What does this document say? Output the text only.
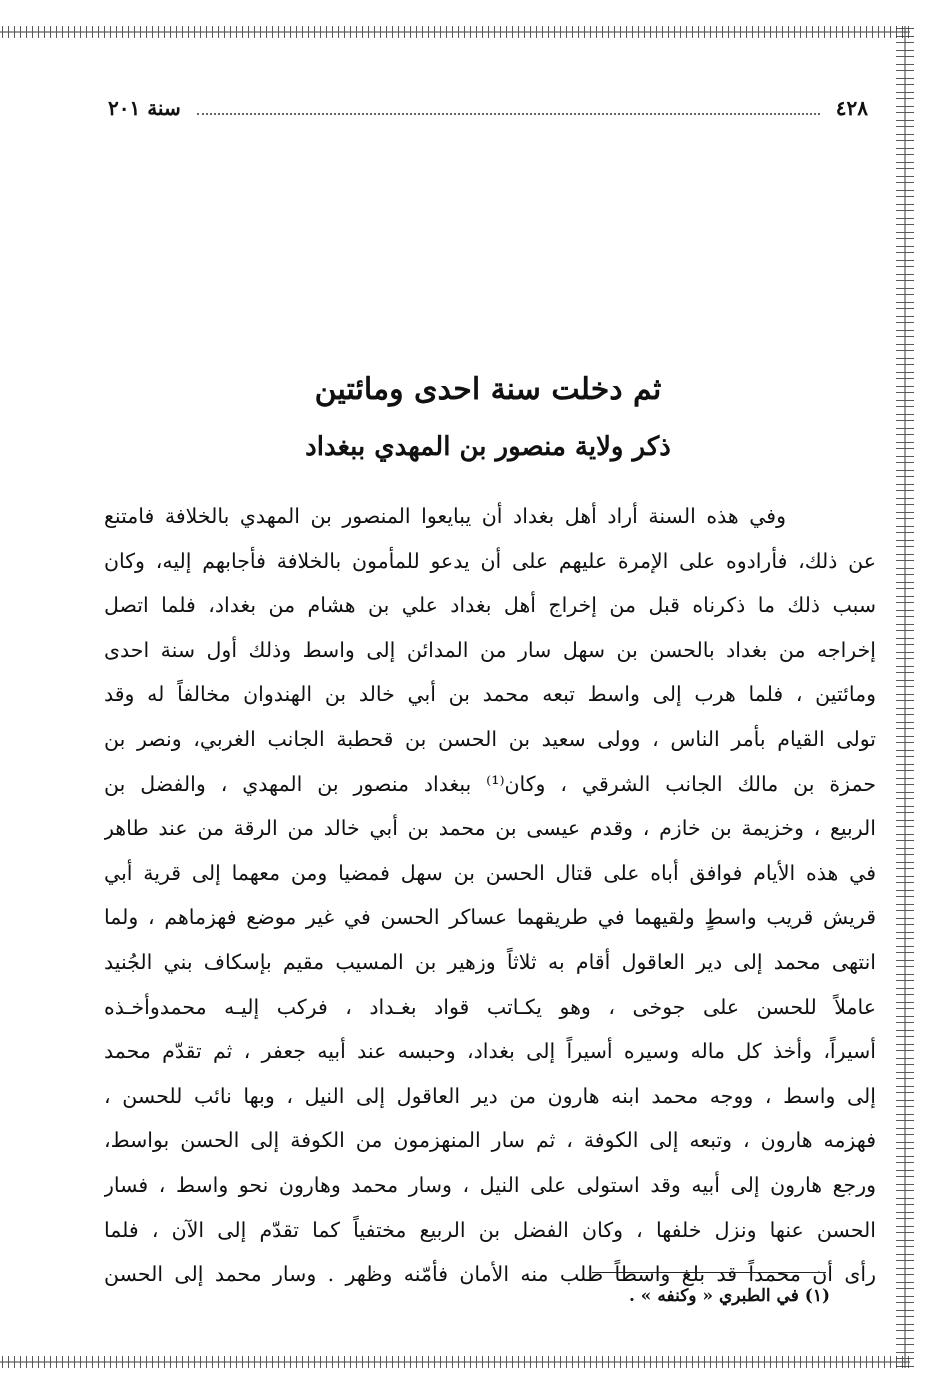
٤٢٨
سنة ٢٠١
ثم دخلت سنة احدى ومائتين
ذكر ولاية منصور بن المهدي ببغداد
وفي هذه السنة أراد أهل بغداد أن يبايعوا المنصور بن المهدي بالخلافة فامتنع
عن ذلك، فأرادوه على الإمرة عليهم على أن يدعو للمأمون بالخلافة فأجابهم إليه، وكان
سبب ذلك ما ذكرناه قبل من إخراج أهل بغداد علي بن هشام من بغداد، فلما اتصل
إخراجه من بغداد بالحسن بن سهل سار من المدائن إلى واسط وذلك أول سنة احدى
ومائتين ، فلما هرب إلى واسط تبعه محمد بن أبي خالد بن الهندوان مخالفاً له وقد
تولى القيام بأمر الناس ، وولى سعيد بن الحسن بن قحطبة الجانب الغربي، ونصر بن
حمزة بن مالك الجانب الشرقي ، وكان⁽¹⁾ ببغداد منصور بن المهدي ، والفضل بن
الربيع ، وخزيمة بن خازم ، وقدم عيسى بن محمد بن أبي خالد من الرقة من عند طاهر
في هذه الأيام فوافق أباه على قتال الحسن بن سهل فمضيا ومن معهما إلى قرية أبي
قريش قريب واسطٍ ولقيهما في طريقهما عساكر الحسن في غير موضع فهزماهم ، ولما
انتهى محمد إلى دير العاقول أقام به ثلاثاً وزهير بن المسيب مقيم بإسكاف بني الجُنيد
عاملاً للحسن على جوخى ، وهو يكـاتب قواد بغـداد ، فركب إليـه محمدوأخـذه
أسيراً، وأخذ كل ماله وسيره أسيراً إلى بغداد، وحبسه عند أبيه جعفر ، ثم تقدّم محمد
إلى واسط ، ووجه محمد ابنه هارون من دير العاقول إلى النيل ، وبها نائب للحسن ،
فهزمه هارون ، وتبعه إلى الكوفة ، ثم سار المنهزمون من الكوفة إلى الحسن بواسط،
ورجع هارون إلى أبيه وقد استولى على النيل ، وسار محمد وهارون نحو واسط ، فسار
الحسن عنها ونزل خلفها ، وكان الفضل بن الربيع مختفياً كما تقدّم إلى الآن ، فلما
رأى أن محمداً قد بلغ واسطاً طلب منه الأمان فأمّنه وظهر . وسار محمد إلى الحسن
(١) في الطبري « وكنفه » .
